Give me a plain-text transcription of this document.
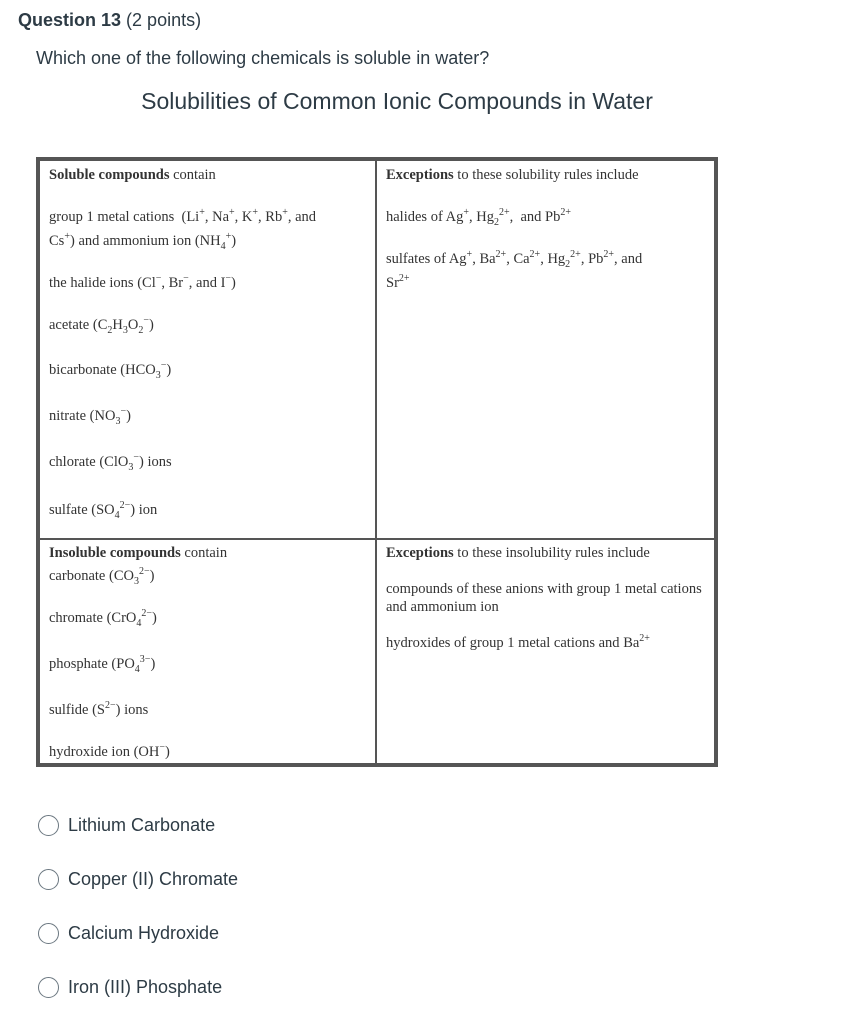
Question 13 (2 points)
Which one of the following chemicals is soluble in water?
Solubilities of Common Ionic Compounds in Water
Soluble compounds contain
group 1 metal cations  (Li+, Na+, K+, Rb+, and
Cs+) and ammonium ion $(NH_4^+)$
the halide ions (Cl−, Br−, and I−)
acetate $(C_2H_3O_2^-)$
bicarbonate $(HCO_3^-)$
nitrate $(NO_3^-)$
chlorate (ClO$_3$−) ions
sulfate $(SO_4^{2-})$ ion
Exceptions to these solubility rules include
halides of Ag+, $Hg_2^{2+}$,  and $Pb^{2+}$
sulfates of Ag+, $Ba^{2+}$, $Ca^{2+}$, $Hg_2^{2+}$, $Pb^{2+}$, and
$Sr^{2+}$
Insoluble compounds contain
carbonate $(CO_3^{2-})$
chromate (CrO$_4^{2-}$)
phosphate $(PO_4^{3-})$
sulfide $(S^{2-})$ ions
hydroxide ion (OH−)
Exceptions to these insolubility rules include
compounds of these anions with group 1 metal cations and ammonium ion
hydroxides of group 1 metal cations and $Ba^{2+}$
Lithium Carbonate
Copper (II) Chromate
Calcium Hydroxide
Iron (III) Phosphate
